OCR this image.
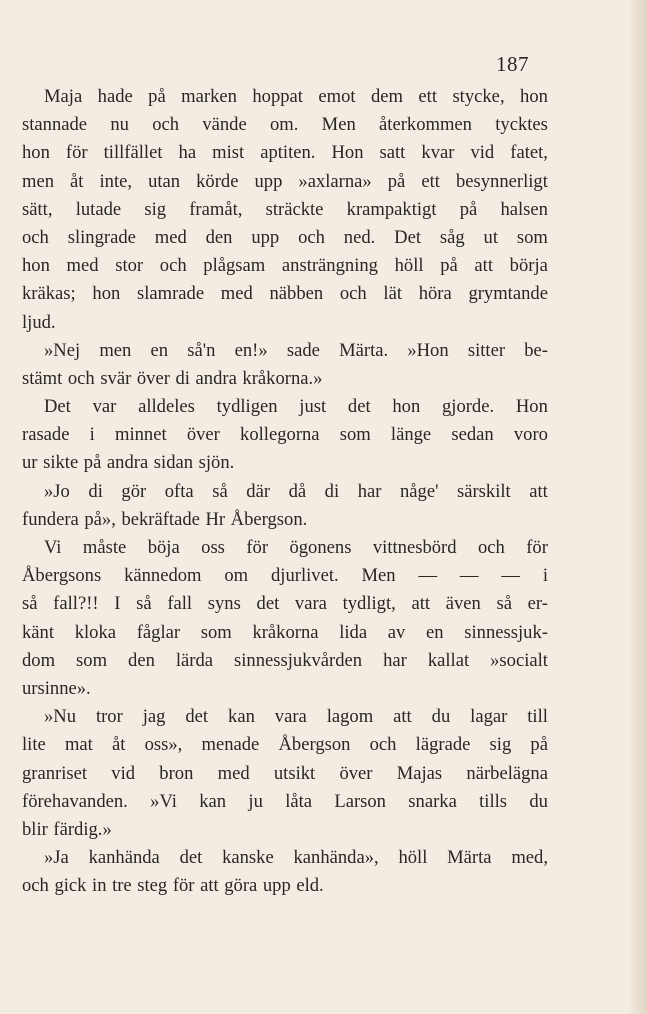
187
Maja hade på marken hoppat emot dem ett stycke, hon
stannade nu och vände om. Men återkommen tycktes
hon för tillfället ha mist aptiten. Hon satt kvar vid fatet,
men åt inte, utan körde upp »axlarna» på ett besynnerligt
sätt, lutade sig framåt, sträckte krampaktigt på halsen
och slingrade med den upp och ned. Det såg ut som
hon med stor och plågsam ansträngning höll på att börja
kräkas; hon slamrade med näbben och lät höra grymtande
ljud.
»Nej men en så'n en!» sade Märta. »Hon sitter be-
stämt och svär över di andra kråkorna.»
Det var alldeles tydligen just det hon gjorde. Hon
rasade i minnet över kollegorna som länge sedan voro
ur sikte på andra sidan sjön.
»Jo di gör ofta så där då di har någe' särskilt att
fundera på», bekräftade Hr Åbergson.
Vi måste böja oss för ögonens vittnesbörd och för
Åbergsons kännedom om djurlivet. Men — — — i
så fall?!! I så fall syns det vara tydligt, att även så er-
känt kloka fåglar som kråkorna lida av en sinnessjuk-
dom som den lärda sinnessjukvården har kallat »socialt
ursinne».
»Nu tror jag det kan vara lagom att du lagar till
lite mat åt oss», menade Åbergson och lägrade sig på
granriset vid bron med utsikt över Majas närbelägna
förehavanden. »Vi kan ju låta Larson snarka tills du
blir färdig.»
»Ja kanhända det kanske kanhända», höll Märta med,
och gick in tre steg för att göra upp eld.
